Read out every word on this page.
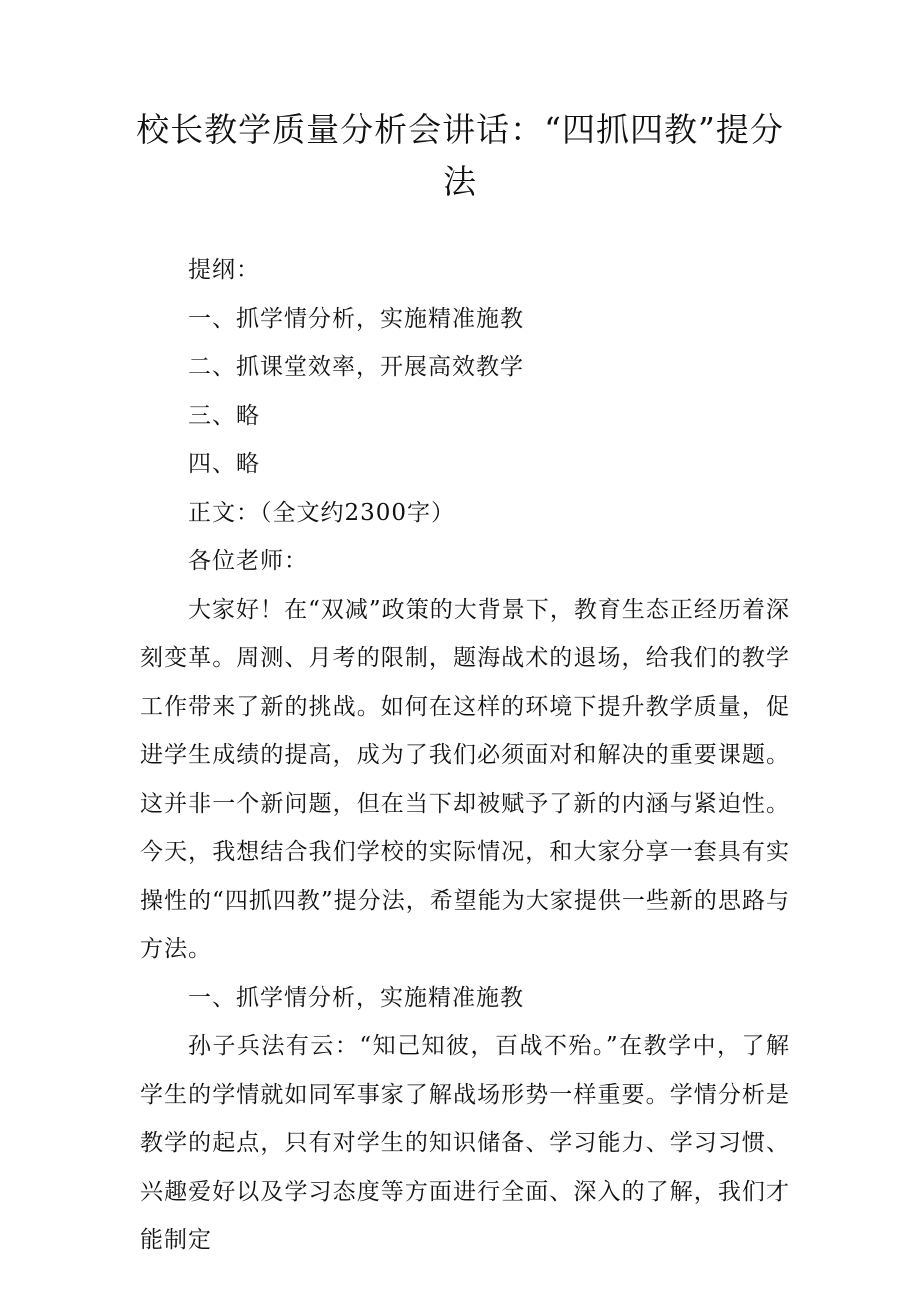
校长教学质量分析会讲话：“四抓四教”提分法

提纲：

一、抓学情分析，实施精准施教

二、抓课堂效率，开展高效教学

三、略

四、略

正文：（全文约2300字）

各位老师：

大家好！在“双减”政策的大背景下，教育生态正经历着深刻变革。周测、月考的限制，题海战术的退场，给我们的教学工作带来了新的挑战。如何在这样的环境下提升教学质量，促进学生成绩的提高，成为了我们必须面对和解决的重要课题。这并非一个新问题，但在当下却被赋予了新的内涵与紧迫性。今天，我想结合我们学校的实际情况，和大家分享一套具有实操性的“四抓四教”提分法，希望能为大家提供一些新的思路与方法。

一、抓学情分析，实施精准施教

孙子兵法有云：“知己知彼，百战不殆。”在教学中，了解学生的学情就如同军事家了解战场形势一样重要。学情分析是教学的起点，只有对学生的知识储备、学习能力、学习习惯、兴趣爱好以及学习态度等方面进行全面、深入的了解，我们才能制定
